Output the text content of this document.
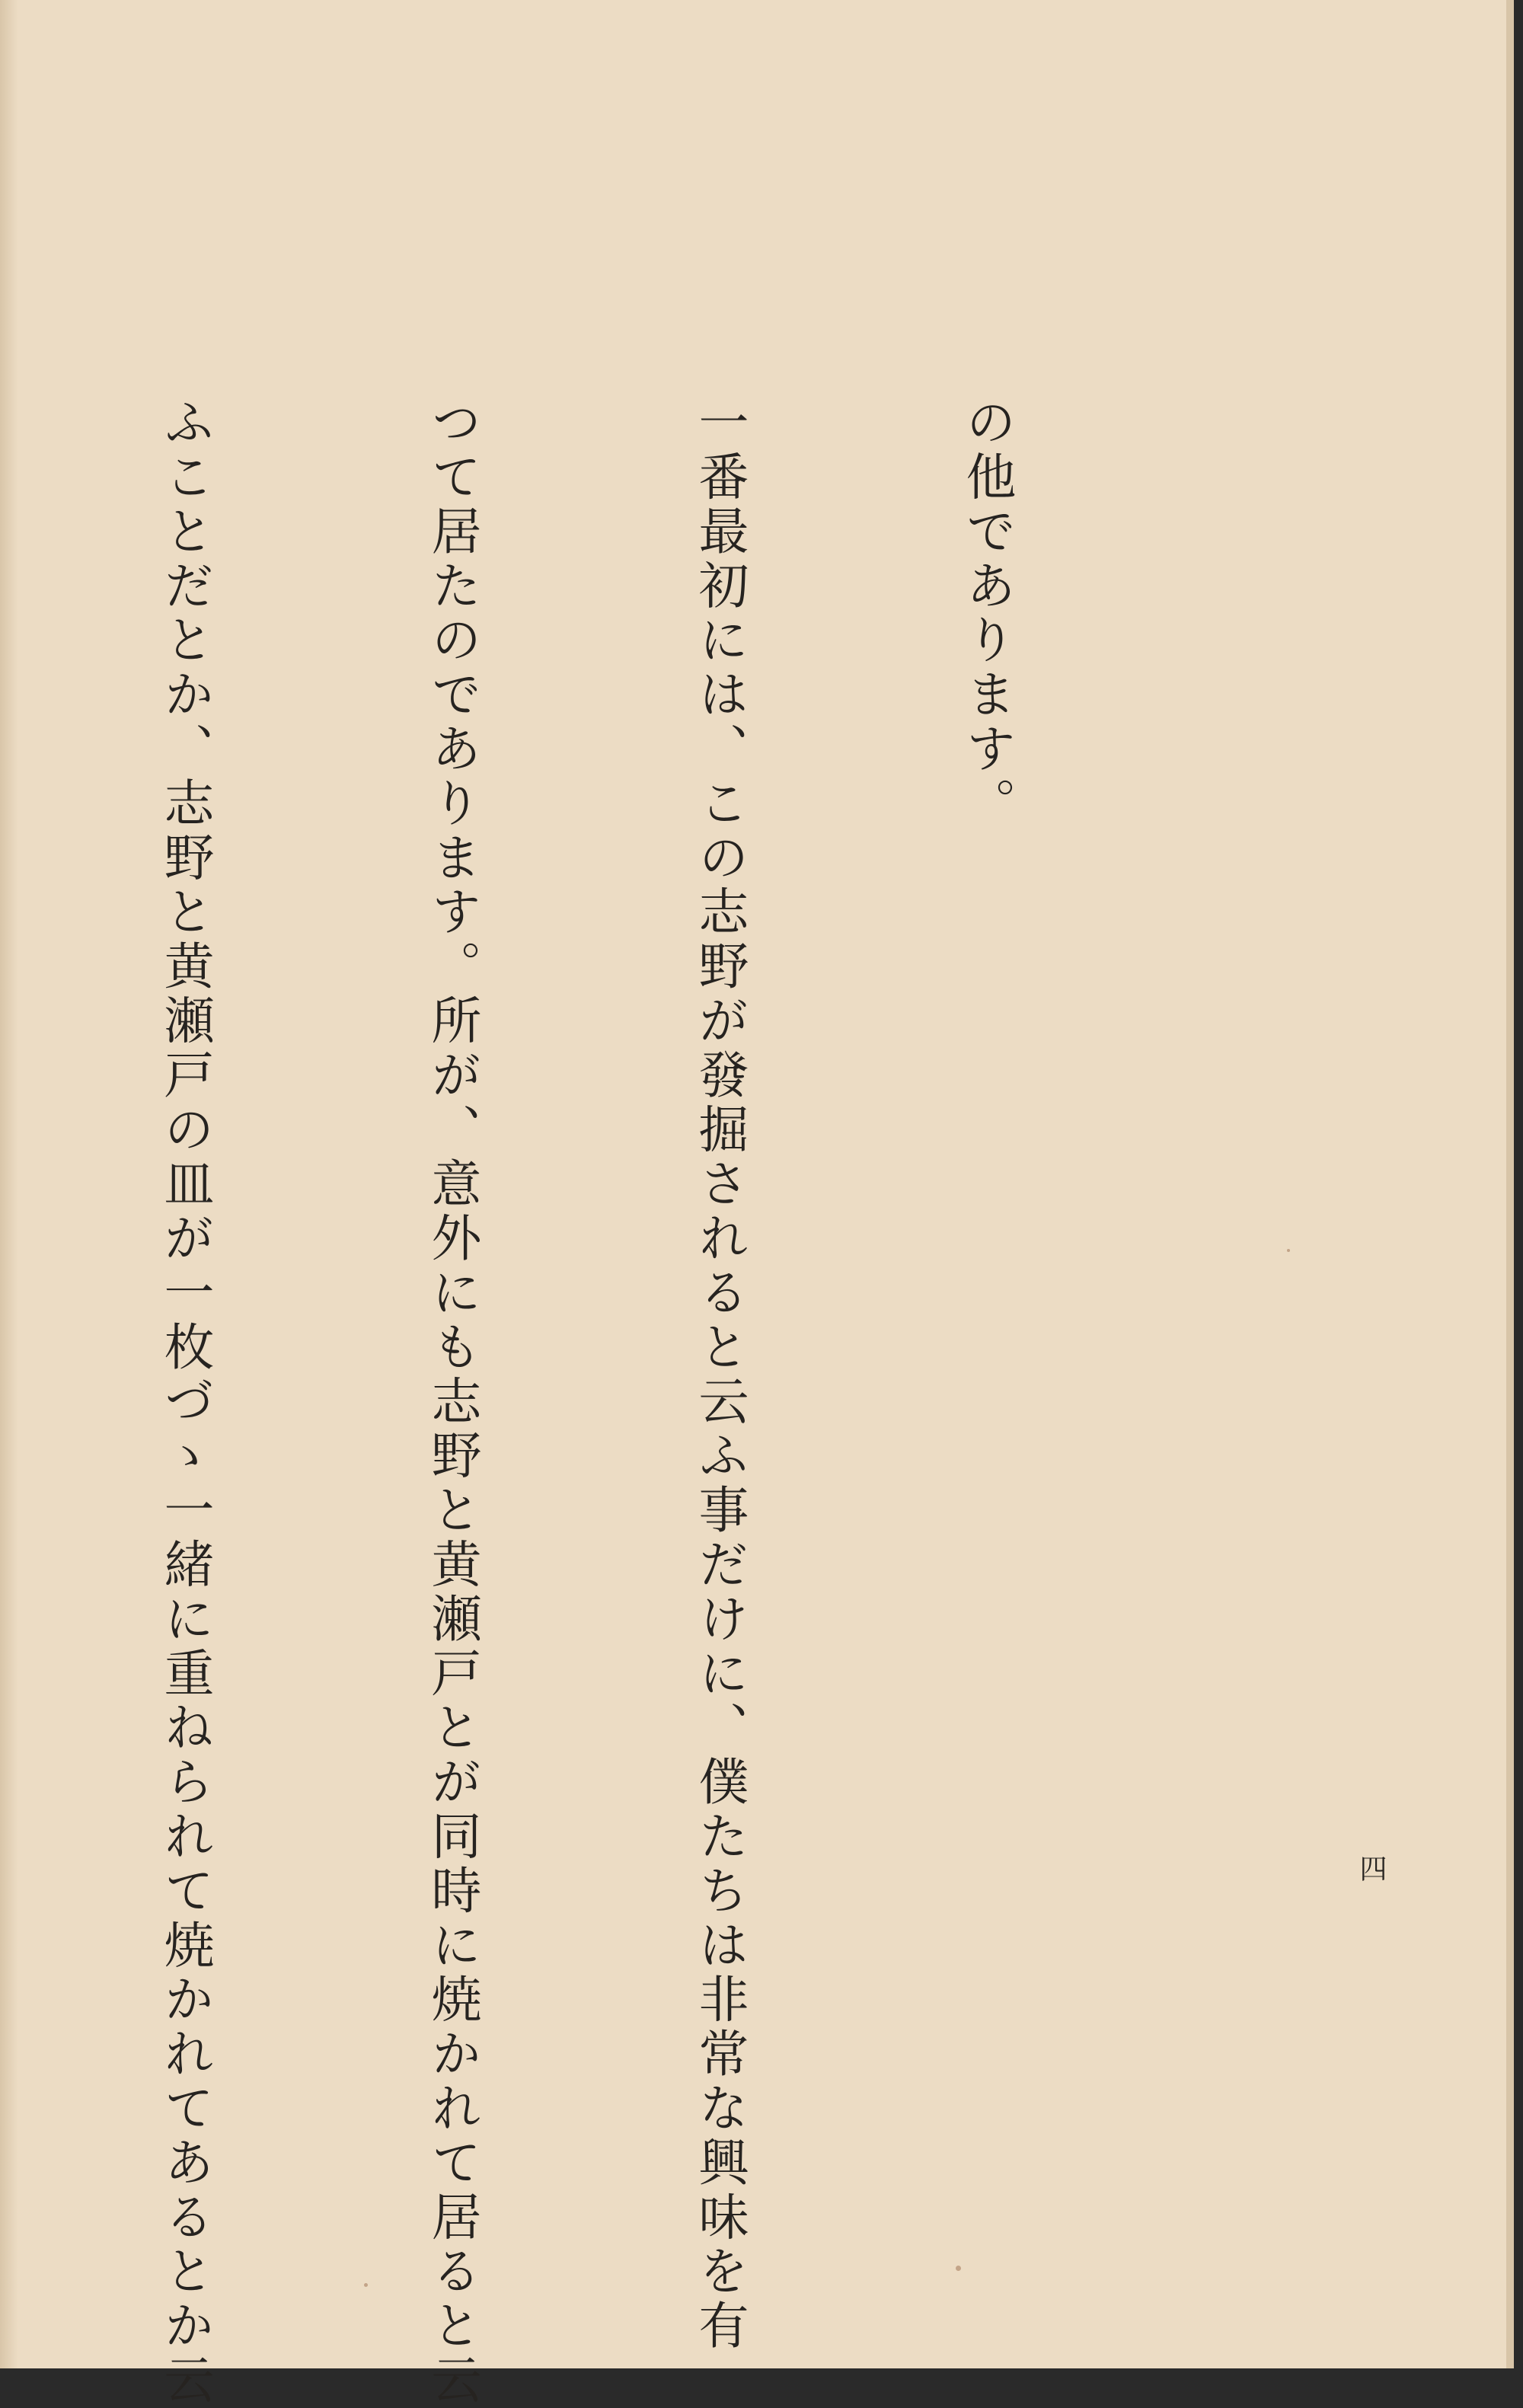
の他であります。

一番最初には、この志野が發掘されると云ふ事だけに、僕たちは非常な興味を有

つて居たのであります。所が、意外にも志野と黄瀬戸とが同時に焼かれて居ると云

ふことだとか、志野と黄瀬戸の皿が一枚づゝ一緒に重ねられて焼かれてあるとか云

	四
